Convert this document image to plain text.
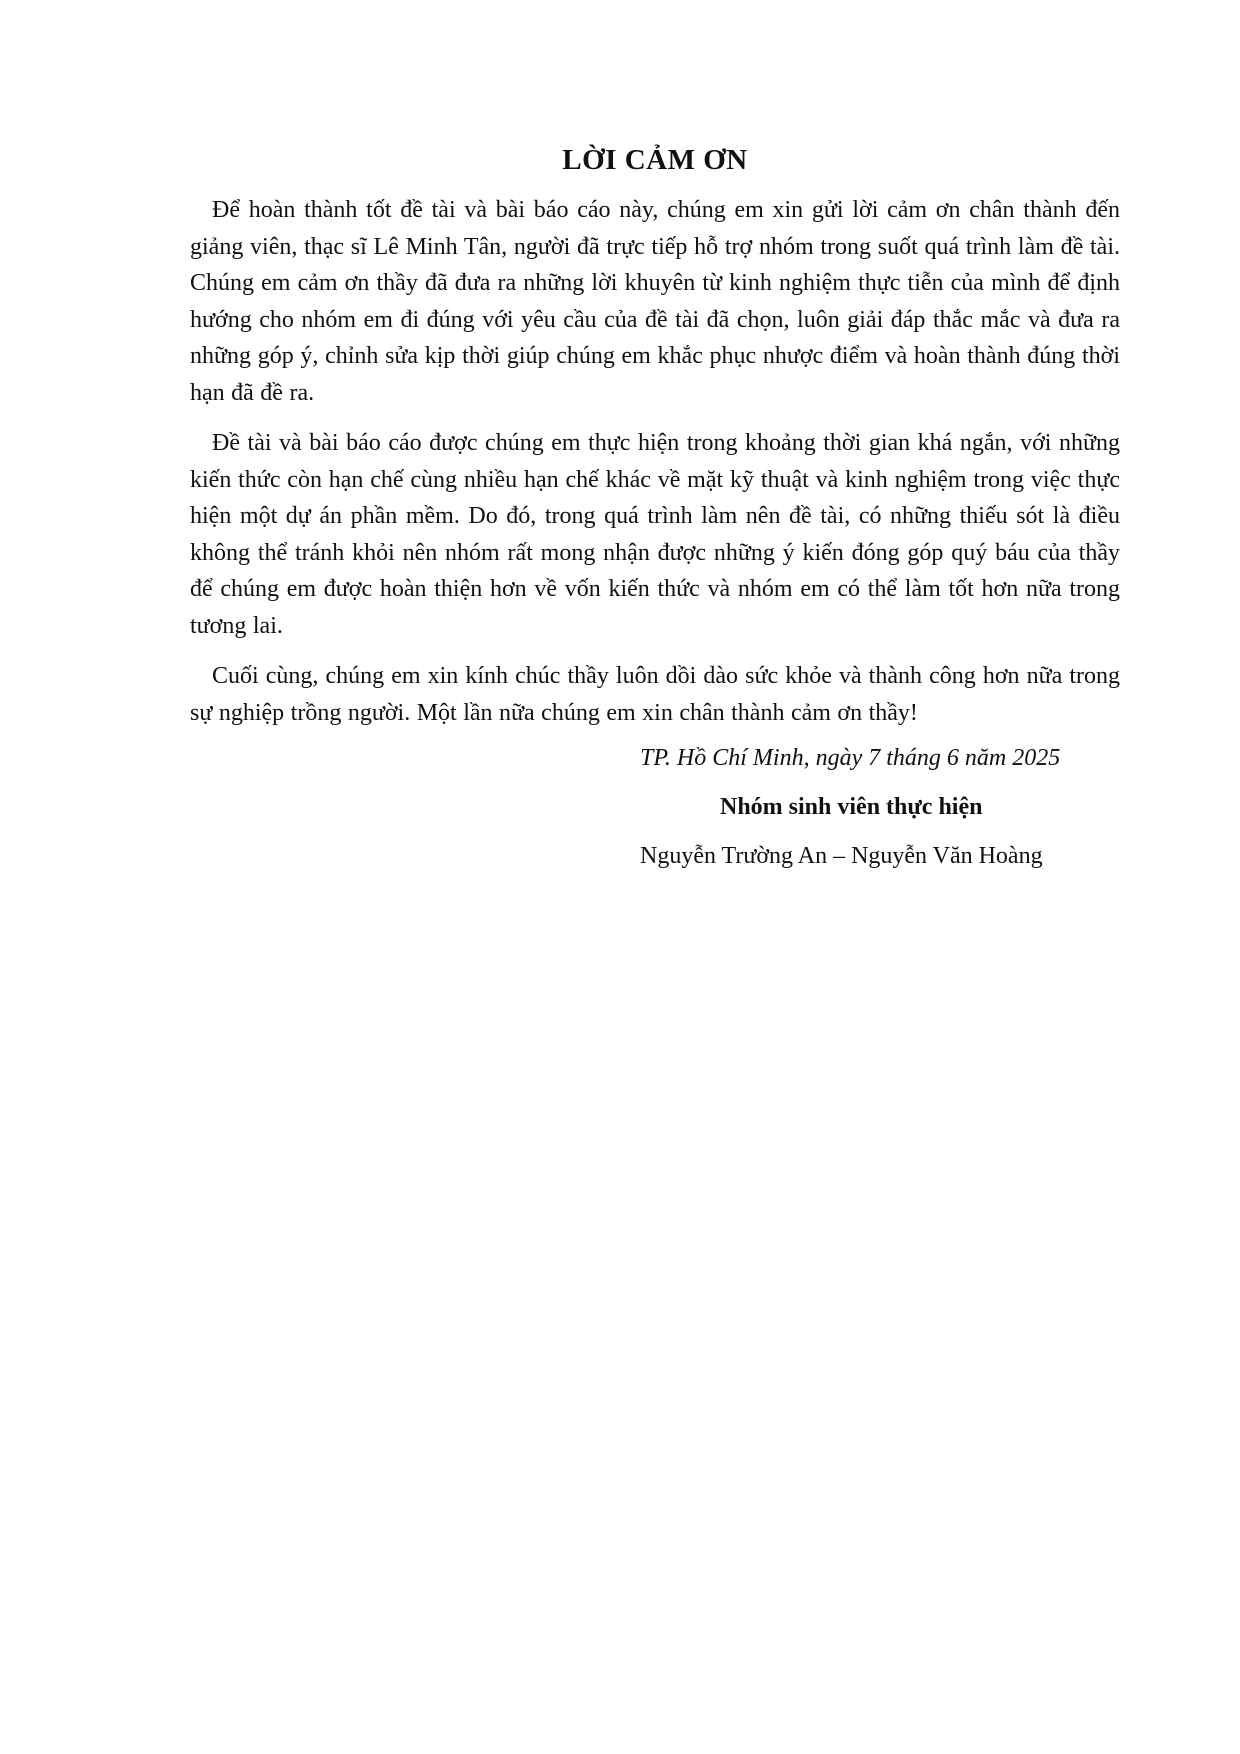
LỜI CẢM ƠN

Để hoàn thành tốt đề tài và bài báo cáo này, chúng em xin gửi lời cảm ơn chân thành đến giảng viên, thạc sĩ Lê Minh Tân, người đã trực tiếp hỗ trợ nhóm trong suốt quá trình làm đề tài. Chúng em cảm ơn thầy đã đưa ra những lời khuyên từ kinh nghiệm thực tiễn của mình để định hướng cho nhóm em đi đúng với yêu cầu của đề tài đã chọn, luôn giải đáp thắc mắc và đưa ra những góp ý, chỉnh sửa kịp thời giúp chúng em khắc phục nhược điểm và hoàn thành đúng thời hạn đã đề ra.

Đề tài và bài báo cáo được chúng em thực hiện trong khoảng thời gian khá ngắn, với những kiến thức còn hạn chế cùng nhiều hạn chế khác về mặt kỹ thuật và kinh nghiệm trong việc thực hiện một dự án phần mềm. Do đó, trong quá trình làm nên đề tài, có những thiếu sót là điều không thể tránh khỏi nên nhóm rất mong nhận được những ý kiến đóng góp quý báu của thầy để chúng em được hoàn thiện hơn về vốn kiến thức và nhóm em có thể làm tốt hơn nữa trong tương lai.

Cuối cùng, chúng em xin kính chúc thầy luôn dồi dào sức khỏe và thành công hơn nữa trong sự nghiệp trồng người. Một lần nữa chúng em xin chân thành cảm ơn thầy!

TP. Hồ Chí Minh, ngày 7 tháng 6 năm 2025
Nhóm sinh viên thực hiện
Nguyễn Trường An – Nguyễn Văn Hoàng
